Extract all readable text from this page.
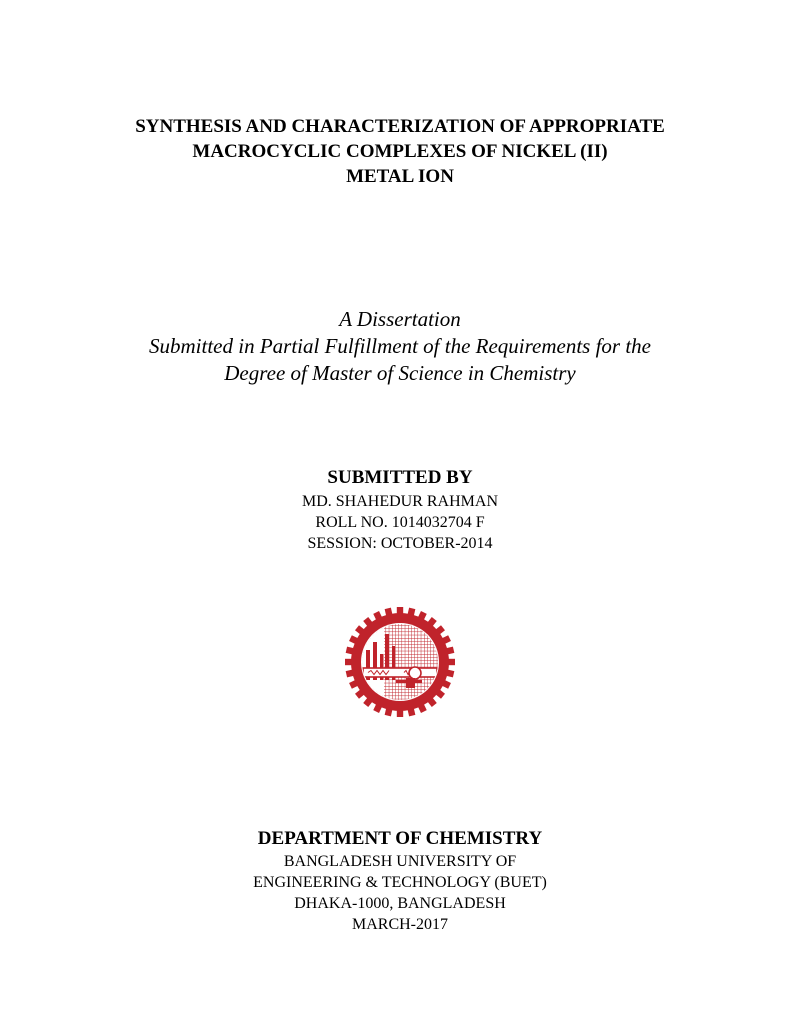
SYNTHESIS AND CHARACTERIZATION OF APPROPRIATE
MACROCYCLIC COMPLEXES OF NICKEL (II)
METAL ION
A Dissertation
Submitted in Partial Fulfillment of the Requirements for the
Degree of Master of Science in Chemistry
SUBMITTED BY
MD. SHAHEDUR RAHMAN
ROLL NO. 1014032704 F
SESSION: OCTOBER-2014
DEPARTMENT OF CHEMISTRY
BANGLADESH UNIVERSITY OF
ENGINEERING & TECHNOLOGY (BUET)
DHAKA-1000, BANGLADESH
MARCH-2017
